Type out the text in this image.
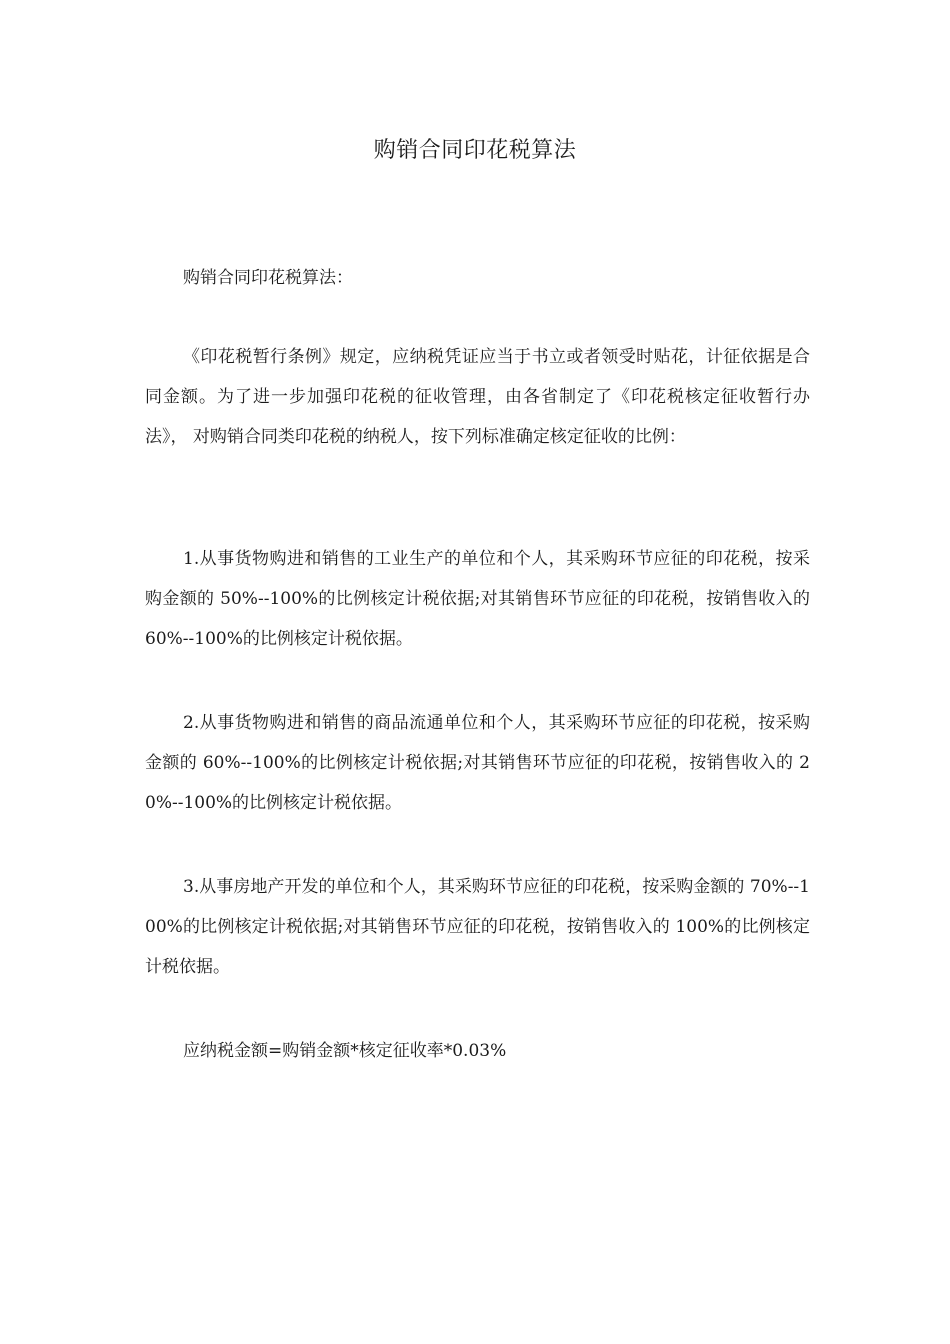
购销合同印花税算法

购销合同印花税算法：

《印花税暂行条例》规定，应纳税凭证应当于书立或者领受时贴花，计征依据是合同金额。为了进一步加强印花税的征收管理，由各省制定了《印花税核定征收暂行办法》， 对购销合同类印花税的纳税人，按下列标准确定核定征收的比例：

1.从事货物购进和销售的工业生产的单位和个人，其采购环节应征的印花税，按采购金额的 50%--100%的比例核定计税依据;对其销售环节应征的印花税，按销售收入的 60%--100%的比例核定计税依据。

2.从事货物购进和销售的商品流通单位和个人，其采购环节应征的印花税，按采购金额的 60%--100%的比例核定计税依据;对其销售环节应征的印花税，按销售收入的 20%--100%的比例核定计税依据。

3.从事房地产开发的单位和个人，其采购环节应征的印花税，按采购金额的 70%--100%的比例核定计税依据;对其销售环节应征的印花税，按销售收入的 100%的比例核定计税依据。

应纳税金额=购销金额*核定征收率*0.03%
